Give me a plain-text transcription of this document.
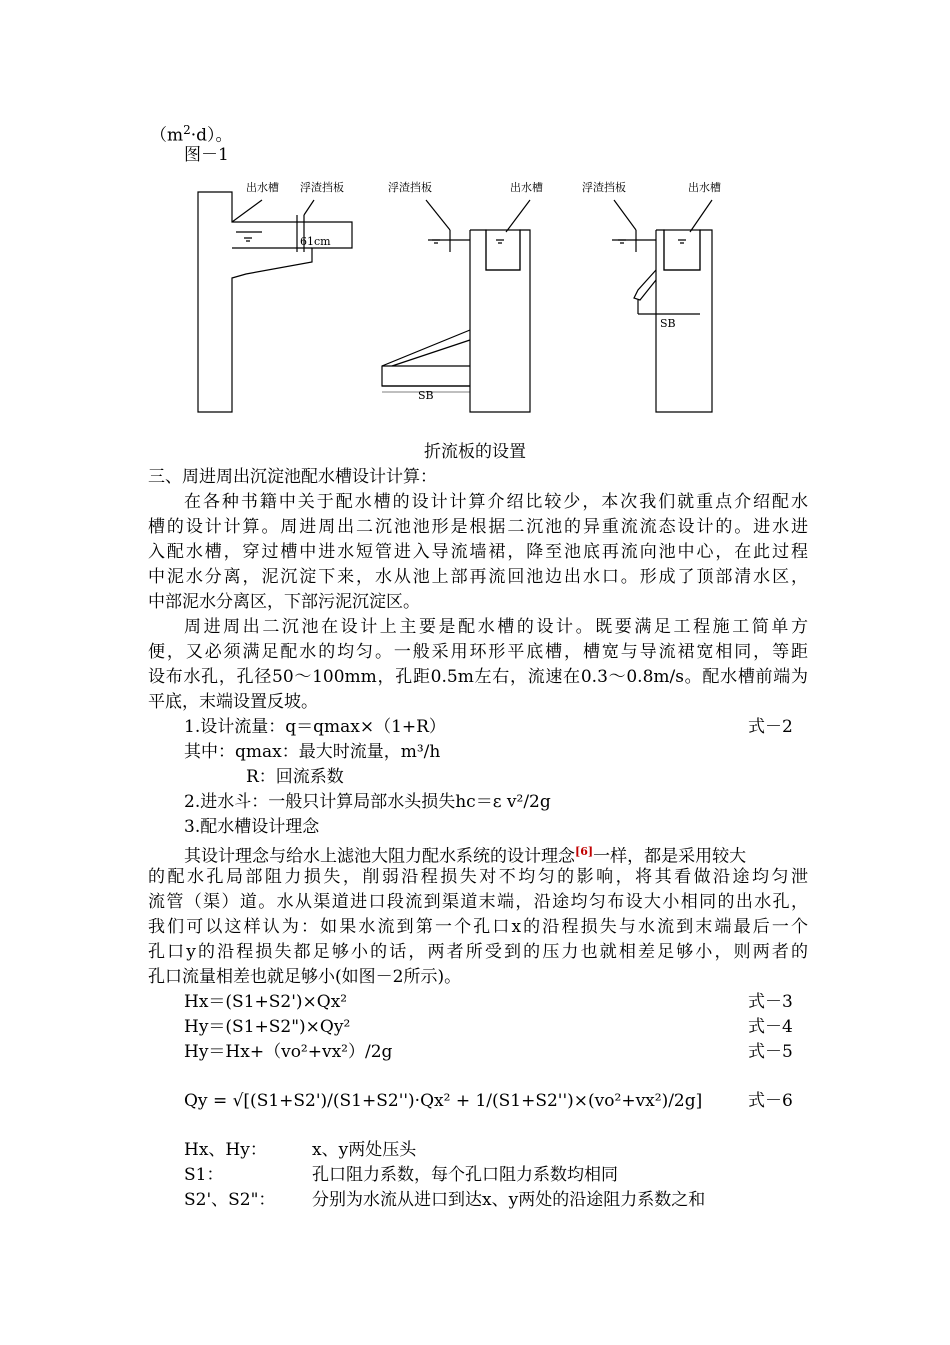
$(m^2\cdot d)$。
图－1
出水槽 浮渣挡板
61cm
浮渣挡板	出水槽	浮渣挡板	出水槽
SB
SB
折流板的设置
三、周进周出沉淀池配水槽设计计算：
在各种书籍中关于配水槽的设计计算介绍比较少，本次我们就重点介绍配水
槽的设计计算。周进周出二沉池池形是根据二沉池的异重流流态设计的。进水进
入配水槽，穿过槽中进水短管进入导流墙裙，降至池底再流向池中心，在此过程
中泥水分离，泥沉淀下来，水从池上部再流回池边出水口。形成了顶部清水区，
中部泥水分离区，下部污泥沉淀区。
周进周出二沉池在设计上主要是配水槽的设计。既要满足工程施工简单方
便，又必须满足配水的均匀。一般采用环形平底槽，槽宽与导流裙宽相同，等距
设布水孔，孔径50～100mm，孔距0.5m左右，流速在0.3～0.8m/s。配水槽前端为
平底，末端设置反坡。
1.设计流量：q＝qmax×（1+R）	式－2
其中：qmax：最大时流量，m³/h
R：回流系数
2.进水斗：一般只计算局部水头损失hc＝ε v²/2g
3.配水槽设计理念
其设计理念与给水上滤池大阻力配水系统的设计理念[6]一样，都是采用较大
的配水孔局部阻力损失，削弱沿程损失对不均匀的影响，将其看做沿途均匀泄
流管（渠）道。水从渠道进口段流到渠道末端，沿途均匀布设大小相同的出水孔，
我们可以这样认为：如果水流到第一个孔口x的沿程损失与水流到末端最后一个
孔口y的沿程损失都足够小的话，两者所受到的压力也就相差足够小，则两者的
孔口流量相差也就足够小(如图－2所示)。
Hx＝(S1+S2')×Qx²	式－3
Hy＝(S1+S2")×Qy²	式－4
Hy＝Hx+（vo²+vx²）/2g	式－5
Qy = √[(S1+S2')/(S1+S2'')·Qx² + 1/(S1+S2'')×(vo²+vx²)/2g]	式－6
Hx、Hy：	x、y两处压头
S1：	孔口阻力系数，每个孔口阻力系数均相同
S2'、S2"： 分别为水流从进口到达x、y两处的沿途阻力系数之和
